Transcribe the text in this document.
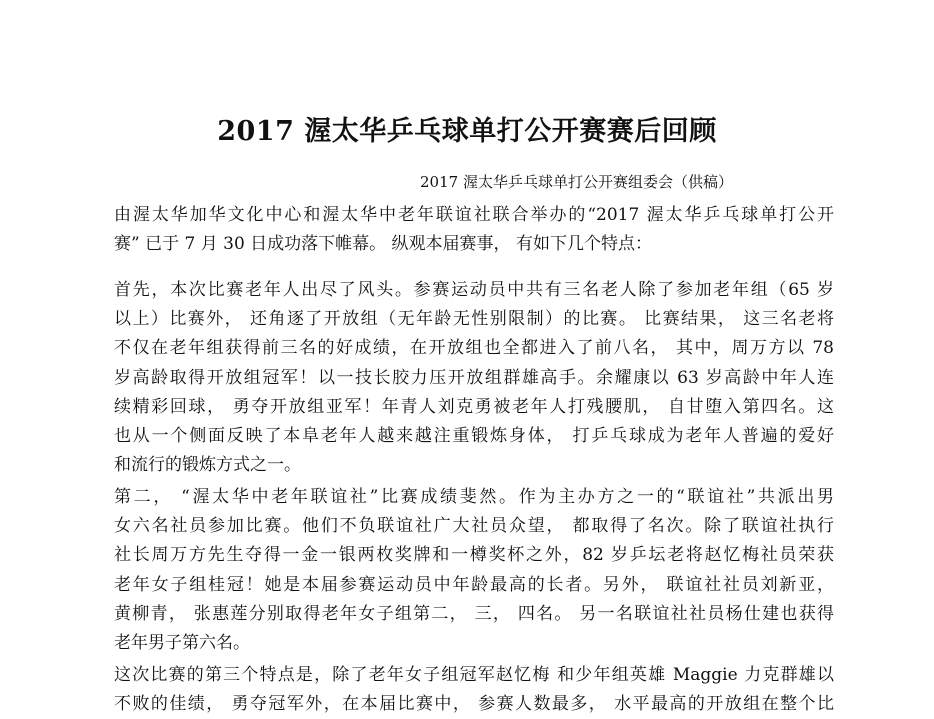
2017 渥太华乒乓球单打公开赛赛后回顾
2017 渥太华乒乓球单打公开赛组委会（供稿）
由渥太华加华文化中心和渥太华中老年联谊社联合举办的“2017 渥太华乒乓球单打公开
赛” 已于 7 月 30 日成功落下帷幕。 纵观本届赛事， 有如下几个特点：
首先，本次比赛老年人出尽了风头。参赛运动员中共有三名老人除了参加老年组（65 岁
以上）比赛外， 还角逐了开放组（无年龄无性别限制）的比赛。 比赛结果， 这三名老将
不仅在老年组获得前三名的好成绩，在开放组也全都进入了前八名， 其中，周万方以 78
岁高龄取得开放组冠军！以一技长胶力压开放组群雄高手。余耀康以 63 岁高龄中年人连
续精彩回球， 勇夺开放组亚军！年青人刘克勇被老年人打残腰肌， 自甘堕入第四名。这
也从一个侧面反映了本阜老年人越来越注重锻炼身体， 打乒乓球成为老年人普遍的爱好
和流行的锻炼方式之一。
第二， “渥太华中老年联谊社”比赛成绩斐然。作为主办方之一的“联谊社”共派出男
女六名社员参加比赛。他们不负联谊社广大社员众望， 都取得了名次。除了联谊社执行
社长周万方先生夺得一金一银两枚奖牌和一樽奖杯之外，82 岁乒坛老将赵忆梅社员荣获
老年女子组桂冠！她是本届参赛运动员中年龄最高的长者。另外， 联谊社社员刘新亚，
黄柳青， 张惠莲分别取得老年女子组第二， 三， 四名。 另一名联谊社社员杨仕建也获得
老年男子第六名。
这次比赛的第三个特点是，除了老年女子组冠军赵忆梅 和少年组英雄 Maggie 力克群雄以
不败的佳绩， 勇夺冠军外，在本届比赛中， 参赛人数最多， 水平最高的开放组在整个比
